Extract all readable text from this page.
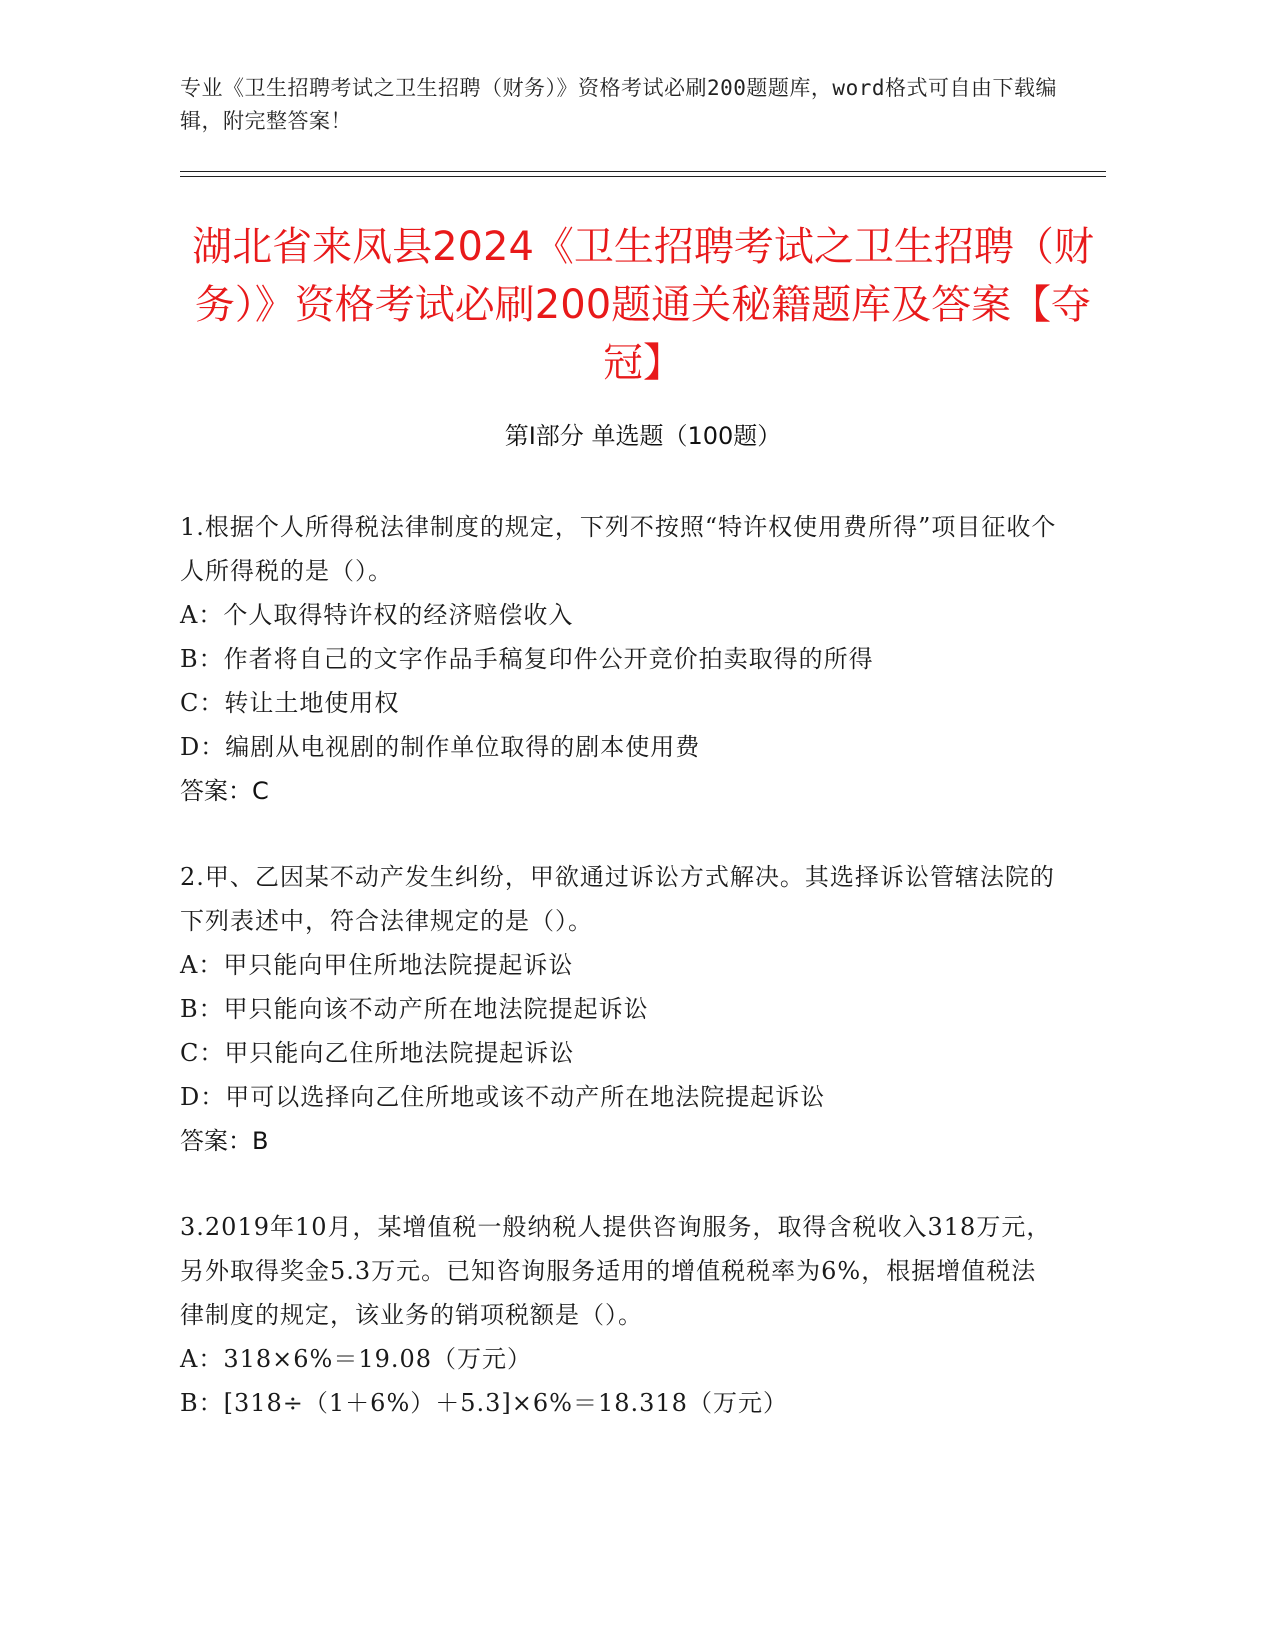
专业《卫生招聘考试之卫生招聘（财务）》资格考试必刷200题题库，word格式可自由下载编辑，附完整答案！
湖北省来凤县2024《卫生招聘考试之卫生招聘（财务）》资格考试必刷200题通关秘籍题库及答案【夺冠】
第Ⅰ部分 单选题（100题）
1.根据个人所得税法律制度的规定，下列不按照“特许权使用费所得”项目征收个人所得税的是（）。
A：个人取得特许权的经济赔偿收入
B：作者将自己的文字作品手稿复印件公开竞价拍卖取得的所得
C：转让土地使用权
D：编剧从电视剧的制作单位取得的剧本使用费
答案：C
2.甲、乙因某不动产发生纠纷，甲欲通过诉讼方式解决。其选择诉讼管辖法院的下列表述中，符合法律规定的是（）。
A：甲只能向甲住所地法院提起诉讼
B：甲只能向该不动产所在地法院提起诉讼
C：甲只能向乙住所地法院提起诉讼
D：甲可以选择向乙住所地或该不动产所在地法院提起诉讼
答案：B
3.2019年10月，某增值税一般纳税人提供咨询服务，取得含税收入318万元，另外取得奖金5.3万元。已知咨询服务适用的增值税税率为6%，根据增值税法律制度的规定，该业务的销项税额是（）。
A：318×6%＝19.08（万元）
B：[318÷（1＋6%）＋5.3]×6%＝18.318（万元）
